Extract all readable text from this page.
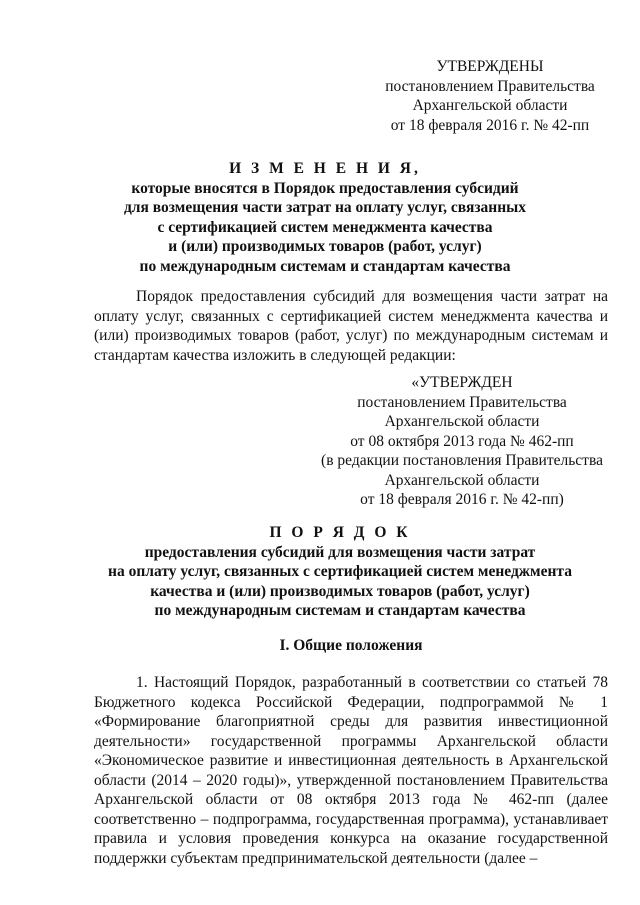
УТВЕРЖДЕНЫ
постановлением Правительства
Архангельской области
от 18 февраля 2016 г. № 42-пп
И З М Е Н Е Н И Я,
которые вносятся в Порядок предоставления субсидий
для возмещения части затрат на оплату услуг, связанных
с сертификацией систем менеджмента качества
и (или) производимых товаров (работ, услуг)
по международным системам и стандартам качества

Порядок предоставления субсидий для возмещения части затрат на оплату услуг, связанных с сертификацией систем менеджмента качества и (или) производимых товаров (работ, услуг) по международным системам и стандартам качества изложить в следующей редакции:

«УТВЕРЖДЕН
постановлением Правительства
Архангельской области
от 08 октября 2013 года № 462-пп
(в редакции постановления Правительства
Архангельской области
от 18 февраля 2016 г. № 42-пп)
П О Р Я Д О К
предоставления субсидий для возмещения части затрат
на оплату услуг, связанных с сертификацией систем менеджмента
качества и (или) производимых товаров (работ, услуг)
по международным системам и стандартам качества
I. Общие положения

1. Настоящий Порядок, разработанный в соответствии со статьей 78 Бюджетного кодекса Российской Федерации, подпрограммой № 1 «Формирование благоприятной среды для развития инвестиционной деятельности» государственной программы Архангельской области «Экономическое развитие и инвестиционная деятельность в Архангельской области (2014 – 2020 годы)», утвержденной постановлением Правительства Архангельской области от 08 октября 2013 года № 462-пп (далее соответственно – подпрограмма, государственная программа), устанавливает правила и условия проведения конкурса на оказание государственной поддержки субъектам предпринимательской деятельности (далее –
